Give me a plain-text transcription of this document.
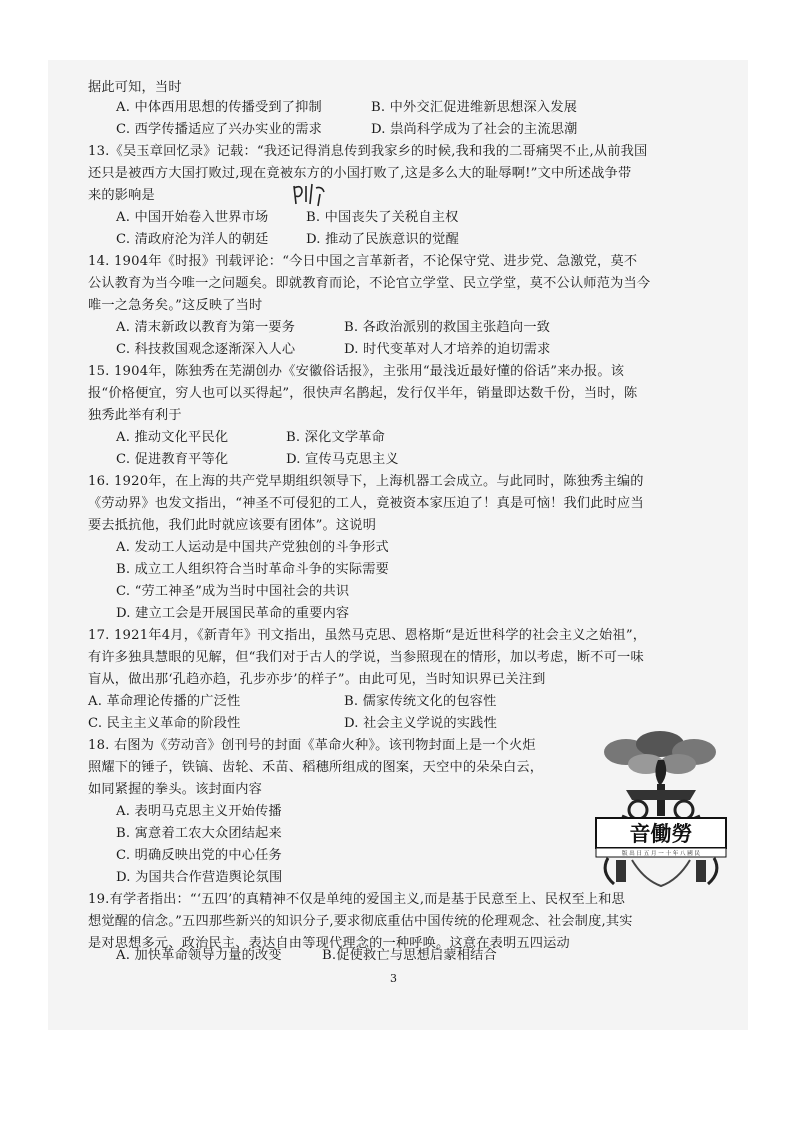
据此可知，当时
A. 中体西用思想的传播受到了抑制	B. 中外交汇促进维新思想深入发展
C. 西学传播适应了兴办实业的需求	D. 祟尚科学成为了社会的主流思潮
13.《吴玉章回忆录》记载：“我还记得消息传到我家乡的时候,我和我的二哥痛哭不止,从前我国
还只是被西方大国打败过,现在竟被东方的小国打败了,这是多么大的耻辱啊!”文中所述战争带
来的影响是
A. 中国开始卷入世界市场	B. 中国丧失了关税自主权
C. 清政府沦为洋人的朝廷	D. 推动了民族意识的觉醒
14. 1904年《时报》刊载评论：“今日中国之言革新者，不论保守党、进步党、急激党，莫不
公认教育为当今唯一之问题矣。即就教育而论，不论官立学堂、民立学堂，莫不公认师范为当今
唯一之急务矣。”这反映了当时
A. 清末新政以教育为第一要务	B. 各政治派别的救国主张趋向一致
C. 科技救国观念逐渐深入人心	D. 时代变革对人才培养的迫切需求
15. 1904年，陈独秀在芜湖创办《安徽俗话报》，主张用“最浅近最好懂的俗话”来办报。该
报“价格便宜，穷人也可以买得起”，很快声名鹊起，发行仅半年，销量即达数千份，当时，陈
独秀此举有利于
A. 推动文化平民化	B. 深化文学革命
C. 促进教育平等化	D. 宣传马克思主义
16. 1920年，在上海的共产党早期组织领导下，上海机器工会成立。与此同时，陈独秀主编的
《劳动界》也发文指出，“神圣不可侵犯的工人，竟被资本家压迫了！真是可恼！我们此时应当
要去抵抗他，我们此时就应该要有团体”。这说明
A. 发动工人运动是中国共产党独创的斗争形式
B. 成立工人组织符合当时革命斗争的实际需要
C. “劳工神圣”成为当时中国社会的共识
D. 建立工会是开展国民革命的重要内容
17. 1921年4月，《新青年》刊文指出，虽然马克思、恩格斯“是近世科学的社会主义之始祖”，
有许多独具慧眼的见解，但“我们对于古人的学说，当参照现在的情形，加以考虑，断不可一味
盲从，做出那‘孔趋亦趋，孔步亦步’的样子”。由此可见，当时知识界已关注到
A. 革命理论传播的广泛性	B. 儒家传统文化的包容性
C. 民主主义革命的阶段性	D. 社会主义学说的实践性
18. 右图为《劳动音》创刊号的封面《革命火种》。该刊物封面上是一个火炬
照耀下的锤子，铁镐、齿轮、禾苗、稻穗所组成的图案，天空中的朵朵白云，
如同紧握的拳头。该封面内容
A. 表明马克思主义开始传播
B. 寓意着工农大众团结起来
C. 明确反映出党的中心任务
D. 为国共合作营造舆论氛围
音働勞
版 出 日 五 月 一 十 年 八 國 民
19.有学者指出：“‘五四’的真精神不仅是单纯的爱国主义,而是基于民意至上、民权至上和思
想觉醒的信念。”五四那些新兴的知识分子,要求彻底重估中国传统的伦理观念、社会制度,其实
是对思想多元、政治民主、表达自由等现代理念的一种呼唤。这意在表明五四运动
A. 加快革命领导力量的改变	B.促使救亡与思想启蒙相结合
3
